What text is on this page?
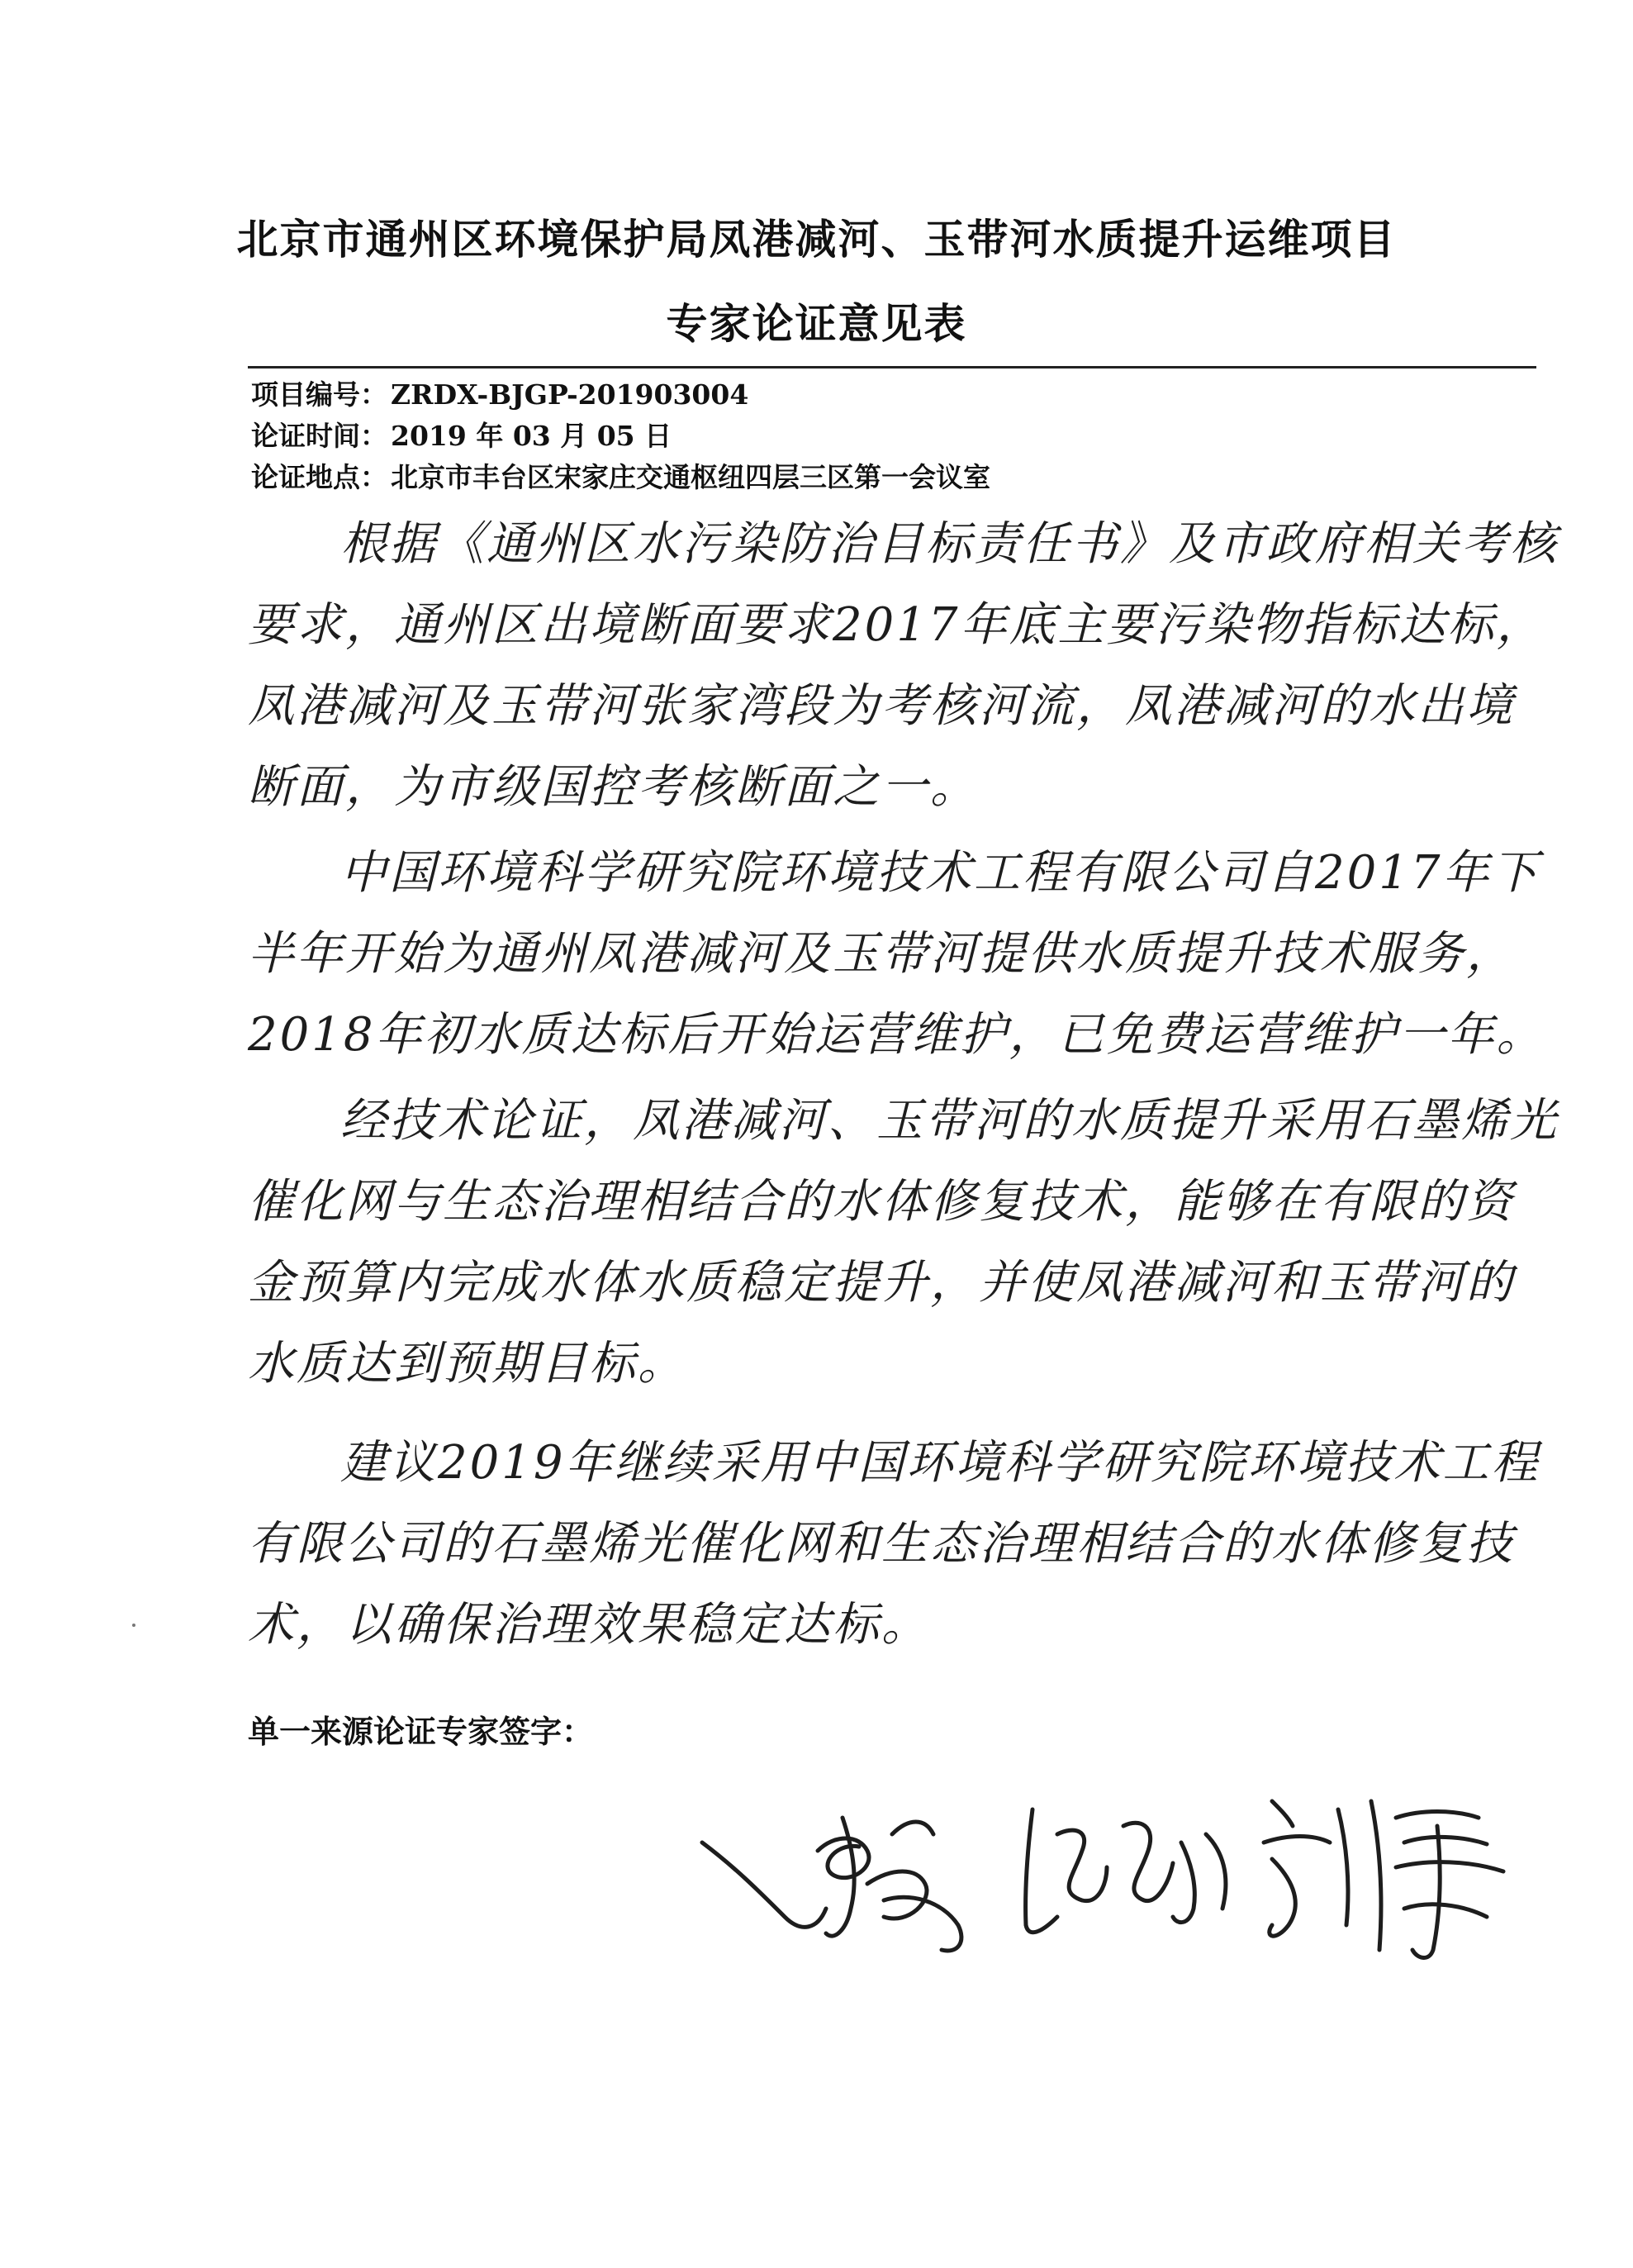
北京市通州区环境保护局凤港减河、玉带河水质提升运维项目
专家论证意见表
项目编号： ZRDX-BJGP-201903004
论证时间： 2019 年 03 月 05 日
论证地点： 北京市丰台区宋家庄交通枢纽四层三区第一会议室

根据《通州区水污染防治目标责任书》及市政府相关考核要求，通州区出境断面要求2017年底主要污染物指标达标，凤港减河及玉带河张家湾段为考核河流，凤港减河的水出境断面，为市级国控考核断面之一。

中国环境科学研究院环境技术工程有限公司自2017年下半年开始为通州凤港减河及玉带河提供水质提升技术服务，2018年初水质达标后开始运营维护，已免费运营维护一年。

经技术论证，凤港减河、玉带河的水质提升采用石墨烯光催化网与生态治理相结合的水体修复技术，能够在有限的资金预算内完成水体水质稳定提升，并使凤港减河和玉带河的水质达到预期目标。

建议2019年继续采用中国环境科学研究院环境技术工程有限公司的石墨烯光催化网和生态治理相结合的水体修复技术，以确保治理效果稳定达标。

单一来源论证专家签字：
